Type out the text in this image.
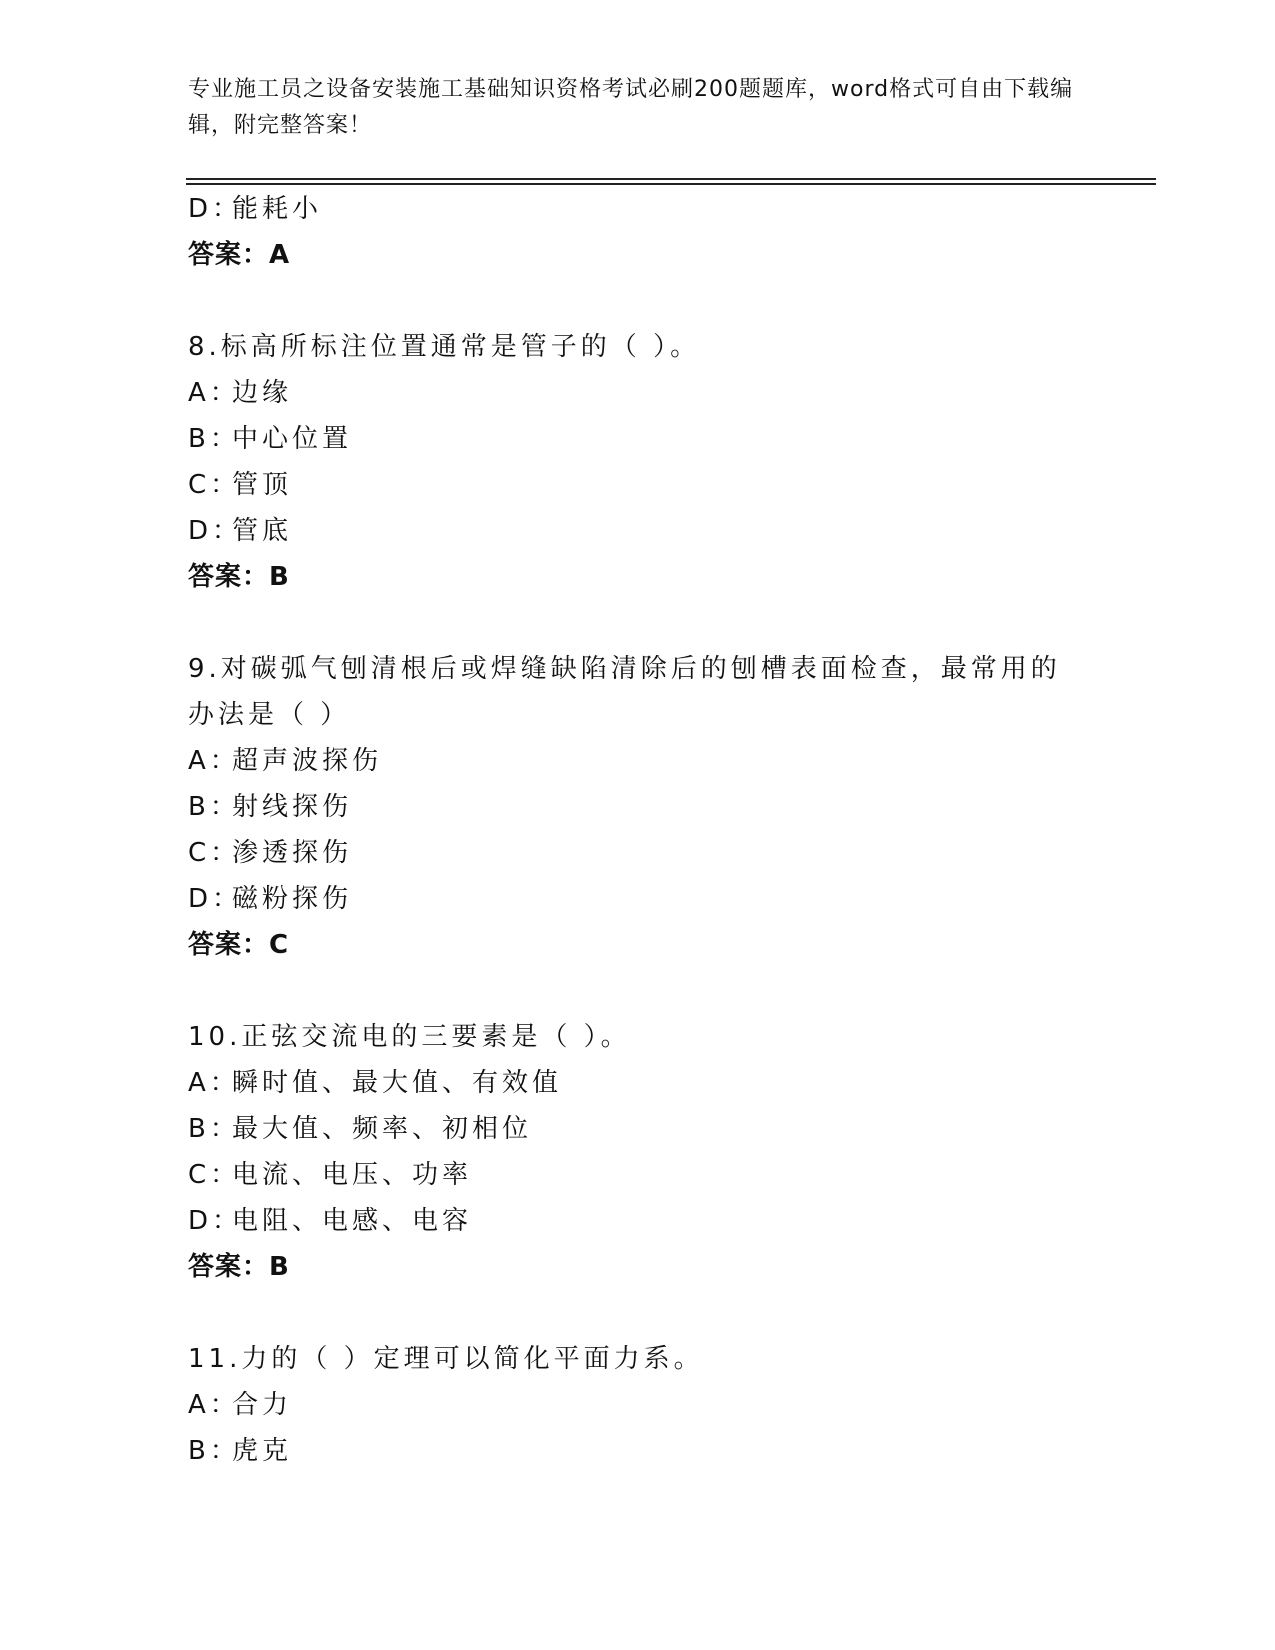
专业施工员之设备安装施工基础知识资格考试必刷200题题库，word格式可自由下载编辑，附完整答案！
D：能耗小
答案：A
8.标高所标注位置通常是管子的（ ）。
A：边缘
B：中心位置
C：管顶
D：管底
答案：B
9.对碳弧气刨清根后或焊缝缺陷清除后的刨槽表面检查，最常用的办法是（ ）
A：超声波探伤
B：射线探伤
C：渗透探伤
D：磁粉探伤
答案：C
10.正弦交流电的三要素是（ ）。
A：瞬时值、最大值、有效值
B：最大值、频率、初相位
C：电流、电压、功率
D：电阻、电感、电容
答案：B
11.力的（ ）定理可以简化平面力系。
A：合力
B：虎克
